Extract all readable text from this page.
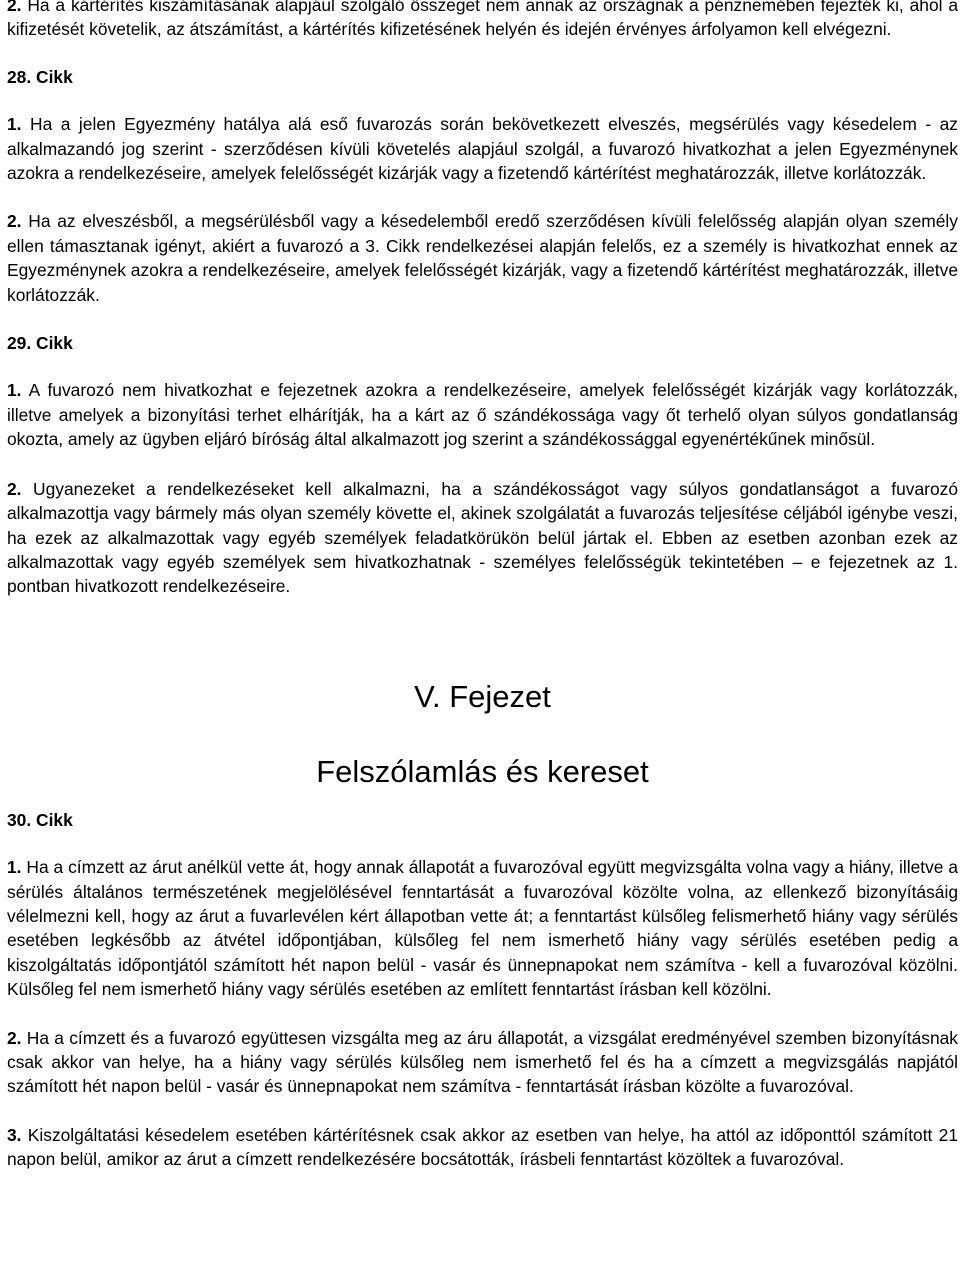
2. Ha a kártérítés kiszámításának alapjául szolgáló összeget nem annak az országnak a pénznemében fejezték ki, ahol a kifizetését követelik, az átszámítást, a kártérítés kifizetésének helyén és idején érvényes árfolyamon kell elvégezni.

28. Cikk

1. Ha a jelen Egyezmény hatálya alá eső fuvarozás során bekövetkezett elveszés, megsérülés vagy késedelem - az alkalmazandó jog szerint - szerződésen kívüli követelés alapjául szolgál, a fuvarozó hivatkozhat a jelen Egyezménynek azokra a rendelkezéseire, amelyek felelősségét kizárják vagy a fizetendő kártérítést meghatározzák, illetve korlátozzák.

2. Ha az elveszésből, a megsérülésből vagy a késedelemből eredő szerződésen kívüli felelősség alapján olyan személy ellen támasztanak igényt, akiért a fuvarozó a 3. Cikk rendelkezései alapján felelős, ez a személy is hivatkozhat ennek az Egyezménynek azokra a rendelkezéseire, amelyek felelősségét kizárják, vagy a fizetendő kártérítést meghatározzák, illetve korlátozzák.

29. Cikk

1. A fuvarozó nem hivatkozhat e fejezetnek azokra a rendelkezéseire, amelyek felelősségét kizárják vagy korlátozzák, illetve amelyek a bizonyítási terhet elhárítják, ha a kárt az ő szándékossága vagy őt terhelő olyan súlyos gondatlanság okozta, amely az ügyben eljáró bíróság által alkalmazott jog szerint a szándékossággal egyenértékűnek minősül.

2. Ugyanezeket a rendelkezéseket kell alkalmazni, ha a szándékosságot vagy súlyos gondatlanságot a fuvarozó alkalmazottja vagy bármely más olyan személy követte el, akinek szolgálatát a fuvarozás teljesítése céljából igénybe veszi, ha ezek az alkalmazottak vagy egyéb személyek feladatkörükön belül jártak el. Ebben az esetben azonban ezek az alkalmazottak vagy egyéb személyek sem hivatkozhatnak - személyes felelősségük tekintetében – e fejezetnek az 1. pontban hivatkozott rendelkezéseire.

V. Fejezet

Felszólamlás és kereset

30. Cikk

1. Ha a címzett az árut anélkül vette át, hogy annak állapotát a fuvarozóval együtt megvizsgálta volna vagy a hiány, illetve a sérülés általános természetének megjelölésével fenntartását a fuvarozóval közölte volna, az ellenkező bizonyításáig vélelmezni kell, hogy az árut a fuvarlevélen kért állapotban vette át; a fenntartást külsőleg felismerhető hiány vagy sérülés esetében legkésőbb az átvétel időpontjában, külsőleg fel nem ismerhető hiány vagy sérülés esetében pedig a kiszolgáltatás időpontjától számított hét napon belül - vasár és ünnepnapokat nem számítva - kell a fuvarozóval közölni. Külsőleg fel nem ismerhető hiány vagy sérülés esetében az említett fenntartást írásban kell közölni.

2. Ha a címzett és a fuvarozó együttesen vizsgálta meg az áru állapotát, a vizsgálat eredményével szemben bizonyításnak csak akkor van helye, ha a hiány vagy sérülés külsőleg nem ismerhető fel és ha a címzett a megvizsgálás napjától számított hét napon belül - vasár és ünnepnapokat nem számítva - fenntartását írásban közölte a fuvarozóval.

3. Kiszolgáltatási késedelem esetében kártérítésnek csak akkor az esetben van helye, ha attól az időponttól számított 21 napon belül, amikor az árut a címzett rendelkezésére bocsátották, írásbeli fenntartást közöltek a fuvarozóval.
